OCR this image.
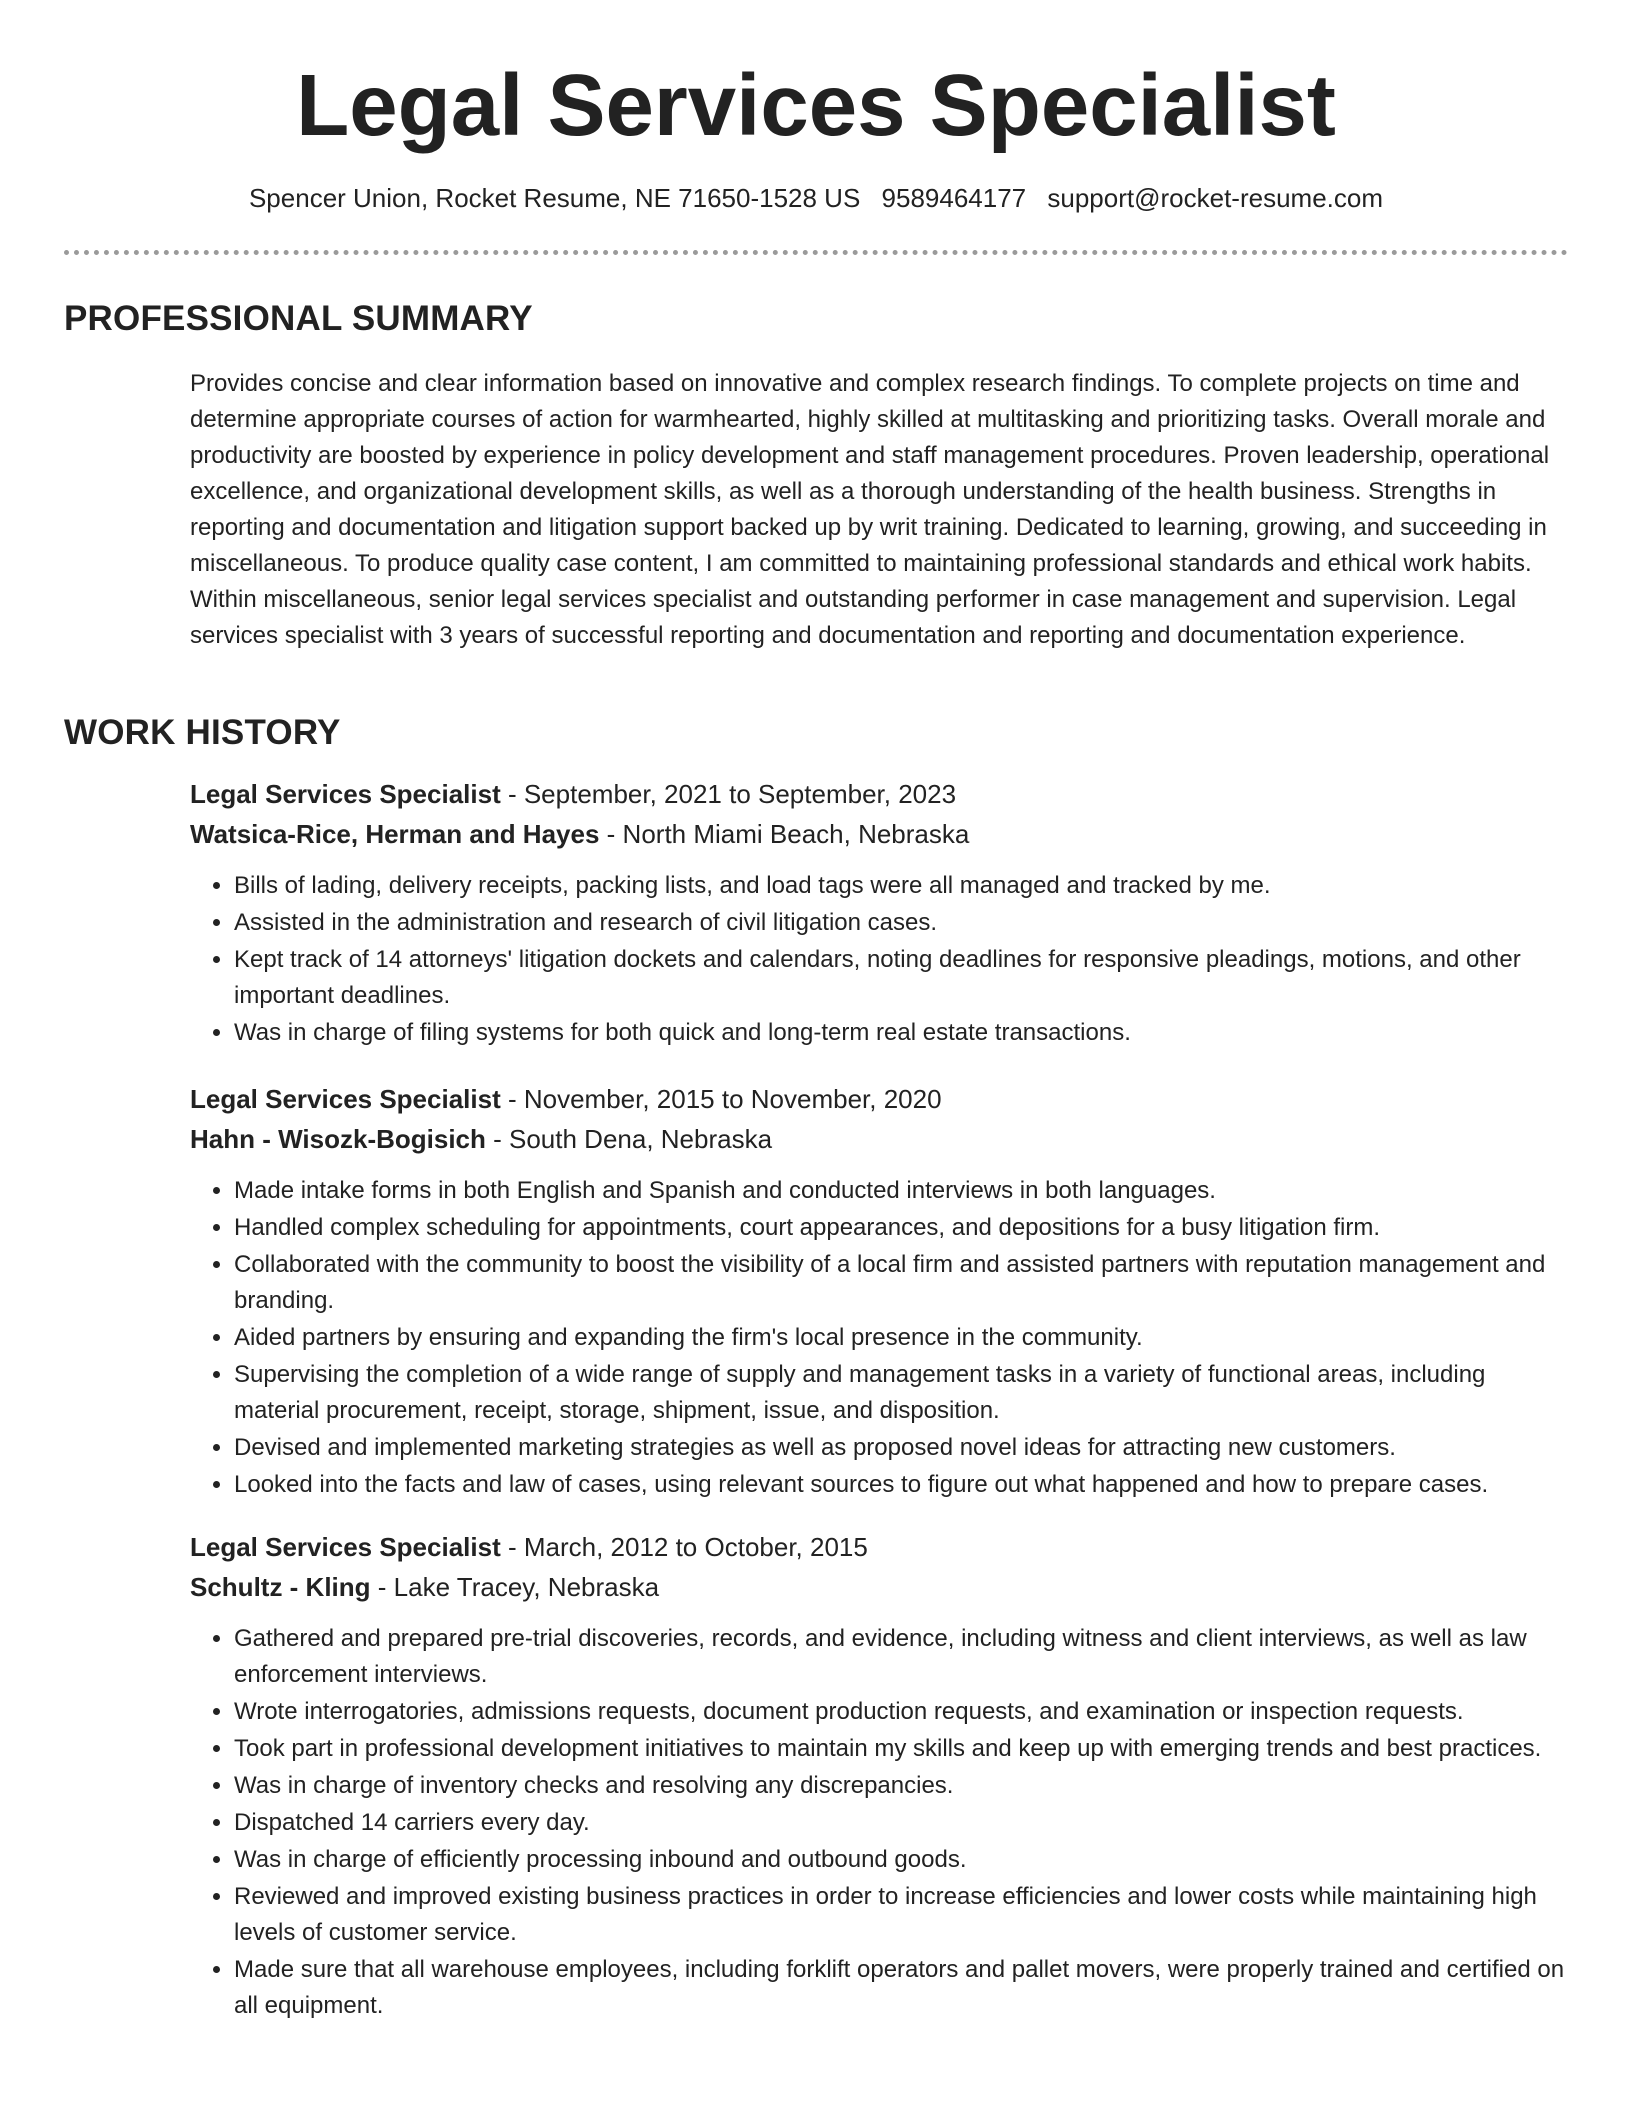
Legal Services Specialist
Spencer Union, Rocket Resume, NE 71650-1528 US 9589464177 support@rocket-resume.com
PROFESSIONAL SUMMARY

Provides concise and clear information based on innovative and complex research findings. To complete projects on time and determine appropriate courses of action for warmhearted, highly skilled at multitasking and prioritizing tasks. Overall morale and productivity are boosted by experience in policy development and staff management procedures. Proven leadership, operational excellence, and organizational development skills, as well as a thorough understanding of the health business. Strengths in reporting and documentation and litigation support backed up by writ training. Dedicated to learning, growing, and succeeding in miscellaneous. To produce quality case content, I am committed to maintaining professional standards and ethical work habits. Within miscellaneous, senior legal services specialist and outstanding performer in case management and supervision. Legal services specialist with 3 years of successful reporting and documentation and reporting and documentation experience.

WORK HISTORY
Legal Services Specialist - September, 2021 to September, 2023
Watsica-Rice, Herman and Hayes - North Miami Beach, Nebraska
• Bills of lading, delivery receipts, packing lists, and load tags were all managed and tracked by me.
• Assisted in the administration and research of civil litigation cases.
• Kept track of 14 attorneys' litigation dockets and calendars, noting deadlines for responsive pleadings, motions, and other important deadlines.
• Was in charge of filing systems for both quick and long-term real estate transactions.
Legal Services Specialist - November, 2015 to November, 2020
Hahn - Wisozk-Bogisich - South Dena, Nebraska
• Made intake forms in both English and Spanish and conducted interviews in both languages.
• Handled complex scheduling for appointments, court appearances, and depositions for a busy litigation firm.
• Collaborated with the community to boost the visibility of a local firm and assisted partners with reputation management and branding.
• Aided partners by ensuring and expanding the firm's local presence in the community.
• Supervising the completion of a wide range of supply and management tasks in a variety of functional areas, including material procurement, receipt, storage, shipment, issue, and disposition.
• Devised and implemented marketing strategies as well as proposed novel ideas for attracting new customers.
• Looked into the facts and law of cases, using relevant sources to figure out what happened and how to prepare cases.
Legal Services Specialist - March, 2012 to October, 2015
Schultz - Kling - Lake Tracey, Nebraska
• Gathered and prepared pre-trial discoveries, records, and evidence, including witness and client interviews, as well as law enforcement interviews.
• Wrote interrogatories, admissions requests, document production requests, and examination or inspection requests.
• Took part in professional development initiatives to maintain my skills and keep up with emerging trends and best practices.
• Was in charge of inventory checks and resolving any discrepancies.
• Dispatched 14 carriers every day.
• Was in charge of efficiently processing inbound and outbound goods.
• Reviewed and improved existing business practices in order to increase efficiencies and lower costs while maintaining high levels of customer service.
• Made sure that all warehouse employees, including forklift operators and pallet movers, were properly trained and certified on all equipment.
